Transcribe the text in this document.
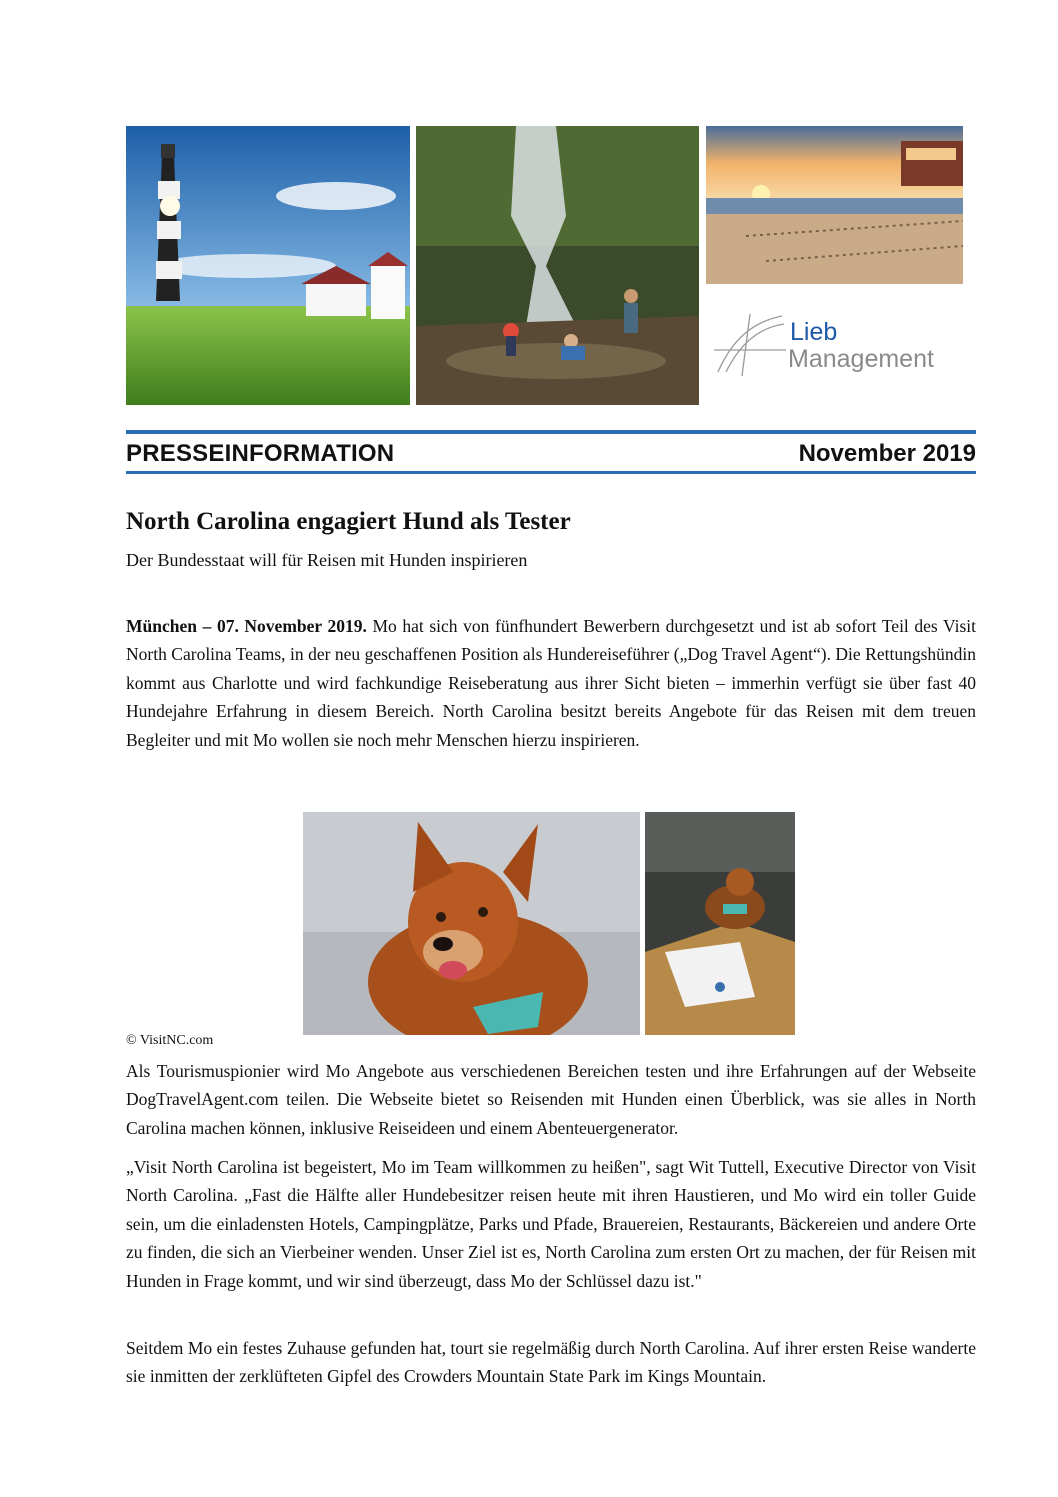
Lieb
Management
PRESSEINFORMATION	November 2019
North Carolina engagiert Hund als Tester
Der Bundesstaat will für Reisen mit Hunden inspirieren
München – 07. November 2019. Mo hat sich von fünfhundert Bewerbern durchgesetzt und ist ab sofort Teil des Visit North Carolina Teams, in der neu geschaffenen Position als Hundereiseführer („Dog Travel Agent“). Die Rettungshündin kommt aus Charlotte und wird fachkundige Reiseberatung aus ihrer Sicht bieten – immerhin verfügt sie über fast 40 Hundejahre Erfahrung in diesem Bereich. North Carolina besitzt bereits Angebote für das Reisen mit dem treuen Begleiter und mit Mo wollen sie noch mehr Menschen hierzu inspirieren.
© VisitNC.com
Als Tourismuspionier wird Mo Angebote aus verschiedenen Bereichen testen und ihre Erfahrungen auf der Webseite DogTravelAgent.com teilen. Die Webseite bietet so Reisenden mit Hunden einen Überblick, was sie alles in North Carolina machen können, inklusive Reiseideen und einem Abenteuergenerator.
„Visit North Carolina ist begeistert, Mo im Team willkommen zu heißen", sagt Wit Tuttell, Executive Director von Visit North Carolina. „Fast die Hälfte aller Hundebesitzer reisen heute mit ihren Haustieren, und Mo wird ein toller Guide sein, um die einladensten Hotels, Campingplätze, Parks und Pfade, Brauereien, Restaurants, Bäckereien und andere Orte zu finden, die sich an Vierbeiner wenden. Unser Ziel ist es, North Carolina zum ersten Ort zu machen, der für Reisen mit Hunden in Frage kommt, und wir sind überzeugt, dass Mo der Schlüssel dazu ist."
Seitdem Mo ein festes Zuhause gefunden hat, tourt sie regelmäßig durch North Carolina. Auf ihrer ersten Reise wanderte sie inmitten der zerklüfteten Gipfel des Crowders Mountain State Park im Kings Mountain.
